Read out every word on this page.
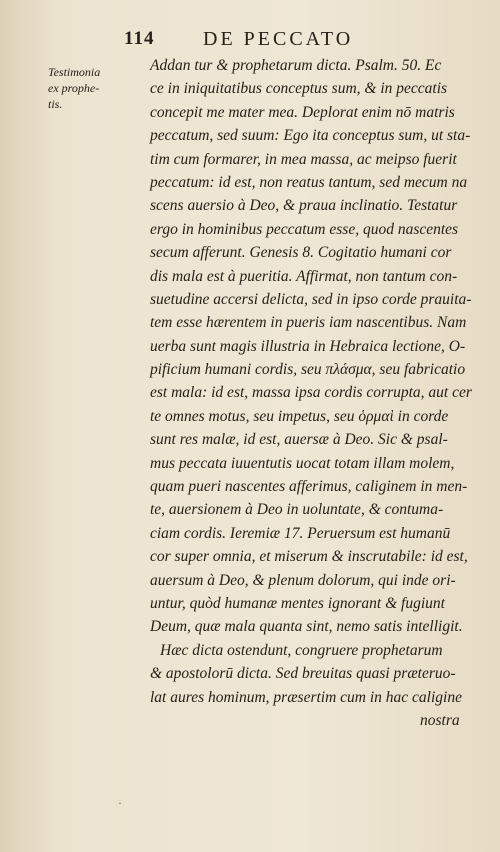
114 DE PECCATO
Testimonia
ex prophe-
tis.
Addan tur & prophetarum dicta. Psalm. 50. Ec
ce in iniquitatibus conceptus sum, & in peccatis
concepit me mater mea. Deplorat enim nō matris
peccatum, sed suum: Ego ita conceptus sum, ut sta-
tim cum formarer, in mea massa, ac meipso fuerit
peccatum: id est, non reatus tantum, sed mecum na
scens auersio à Deo, & praua inclinatio. Testatur
ergo in hominibus peccatum esse, quod nascentes
secum afferunt. Genesis 8. Cogitatio humani cor
dis mala est à pueritia. Affirmat, non tantum con-
suetudine accersi delicta, sed in ipso corde prauita-
tem esse hærentem in pueris iam nascentibus. Nam
uerba sunt magis illustria in Hebraica lectione, O-
pificium humani cordis, seu πλάσμα, seu fabricatio
est mala: id est, massa ipsa cordis corrupta, aut cer
te omnes motus, seu impetus, seu ὁρμαὶ in corde
sunt res malæ, id est, auersæ à Deo. Sic & psal-
mus peccata iuuentutis uocat totam illam molem,
quam pueri nascentes afferimus, caliginem in men-
te, auersionem à Deo in uoluntate, & contuma-
ciam cordis. Ieremiæ 17. Peruersum est humanū
cor super omnia, et miserum & inscrutabile: id est,
auersum à Deo, & plenum dolorum, qui inde ori-
untur, quòd humanæ mentes ignorant & fugiunt
Deum, quæ mala quanta sint, nemo satis intelligit.
Hæc dicta ostendunt, congruere prophetarum
& apostolorū dicta. Sed breuitas quasi præteruo-
lat aures hominum, præsertim cum in hac caligine
nostra
·
